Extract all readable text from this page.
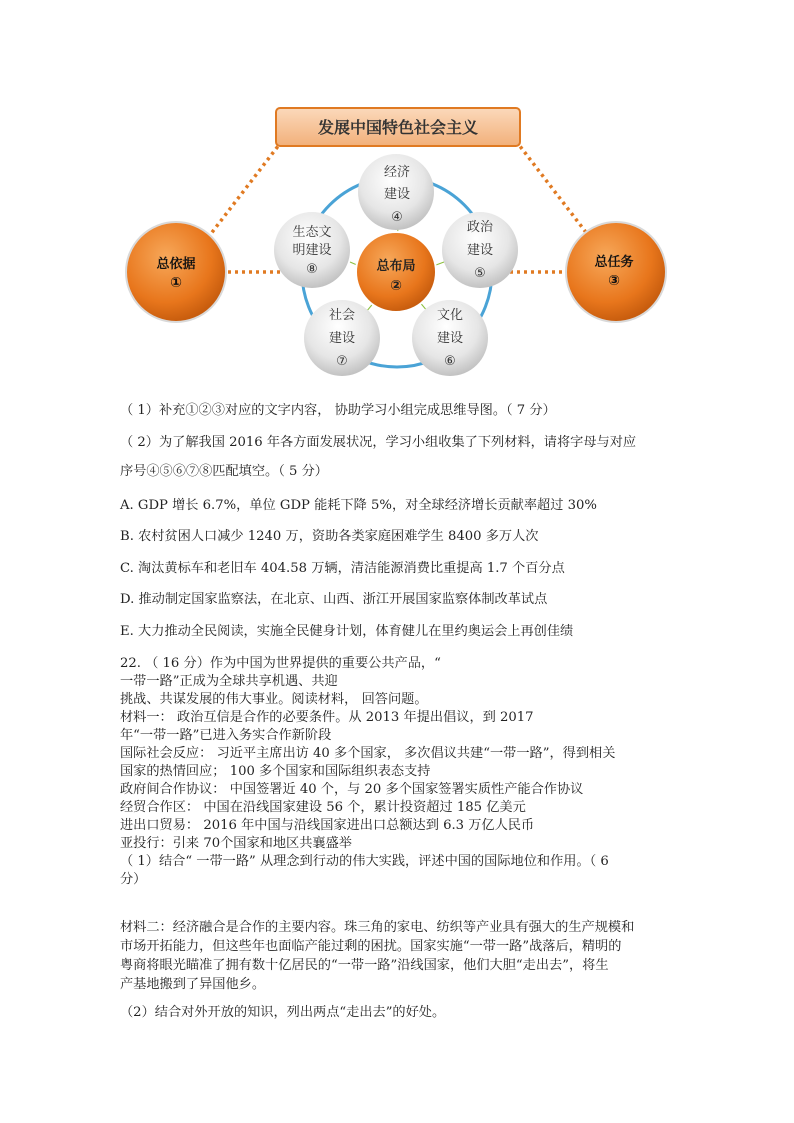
发展中国特色社会主义
总依据
①
总任务
③
总布局
②
经济
建设
④
政治
建设
⑤
文化
建设
⑥
社会
建设
⑦
生态文
明建设
⑧
（ 1）补充①②③对应的文字内容， 协助学习小组完成思维导图。（ 7 分）
（ 2）为了解我国 2016 年各方面发展状况，学习小组收集了下列材料，请将字母与对应
序号④⑤⑥⑦⑧匹配填空。（ 5 分）
A. GDP 增长 6.7%，单位 GDP 能耗下降 5%，对全球经济增长贡献率超过 30%
B. 农村贫困人口减少 1240 万，资助各类家庭困难学生 8400 多万人次
C. 淘汰黄标车和老旧车 404.58 万辆，清洁能源消费比重提高 1.7 个百分点
D. 推动制定国家监察法，在北京、山西、浙江开展国家监察体制改革试点
E. 大力推动全民阅读，实施全民健身计划，体育健儿在里约奥运会上再创佳绩
22. （ 16 分）作为中国为世界提供的重要公共产品，“
一带一路”正成为全球共享机遇、共迎
挑战、共谋发展的伟大事业。阅读材料， 回答问题。
材料一： 政治互信是合作的必要条件。从 2013 年提出倡议，到 2017
年“一带一路”已进入务实合作新阶段
国际社会反应： 习近平主席出访 40 多个国家， 多次倡议共建“一带一路”，得到相关
国家的热情回应； 100 多个国家和国际组织表态支持
政府间合作协议： 中国签署近 40 个，与 20 多个国家签署实质性产能合作协议
经贸合作区： 中国在沿线国家建设 56 个，累计投资超过 185 亿美元
进出口贸易： 2016 年中国与沿线国家进出口总额达到 6.3 万亿人民币
亚投行：引来 70个国家和地区共襄盛举
（ 1）结合“ 一带一路” 从理念到行动的伟大实践，评述中国的国际地位和作用。（ 6
分）
材料二：经济融合是合作的主要内容。珠三角的家电、纺织等产业具有强大的生产规模和
市场开拓能力，但这些年也面临产能过剩的困扰。国家实施“一带一路”战落后，精明的
粤商将眼光瞄准了拥有数十亿居民的“一带一路”沿线国家，他们大胆“走出去”，将生
产基地搬到了异国他乡。
（2）结合对外开放的知识，列出两点“走出去”的好处。
